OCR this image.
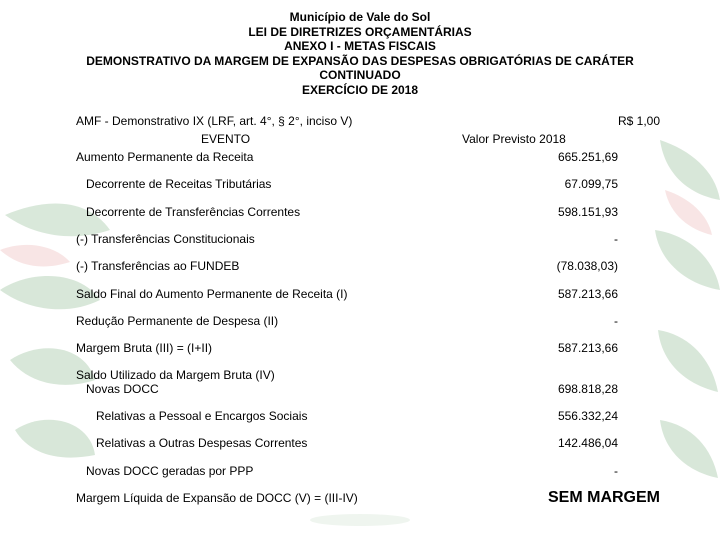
Município de Vale do Sol
LEI DE DIRETRIZES ORÇAMENTÁRIAS
ANEXO I - METAS FISCAIS
DEMONSTRATIVO DA MARGEM DE EXPANSÃO DAS DESPESAS OBRIGATÓRIAS DE CARÁTER
CONTINUADO
EXERCÍCIO DE 2018
AMF - Demonstrativo IX (LRF, art. 4°, § 2°, inciso V)	R$ 1,00
EVENTO	Valor Previsto 2018
Aumento Permanente da Receita	665.251,69
Decorrente de Receitas Tributárias	67.099,75
Decorrente de Transferências Correntes	598.151,93
(-) Transferências Constitucionais	-
(-) Transferências ao FUNDEB	(78.038,03)
Saldo Final do Aumento Permanente de Receita (I)	587.213,66
Redução Permanente de Despesa (II)	-
Margem Bruta (III) = (I+II)	587.213,66
Saldo Utilizado da Margem Bruta (IV)
Novas DOCC	698.818,28
Relativas a Pessoal e Encargos Sociais	556.332,24
Relativas a Outras Despesas Correntes	142.486,04
Novas DOCC geradas por PPP	-
Margem Líquida de Expansão de DOCC (V) = (III-IV)	SEM MARGEM
